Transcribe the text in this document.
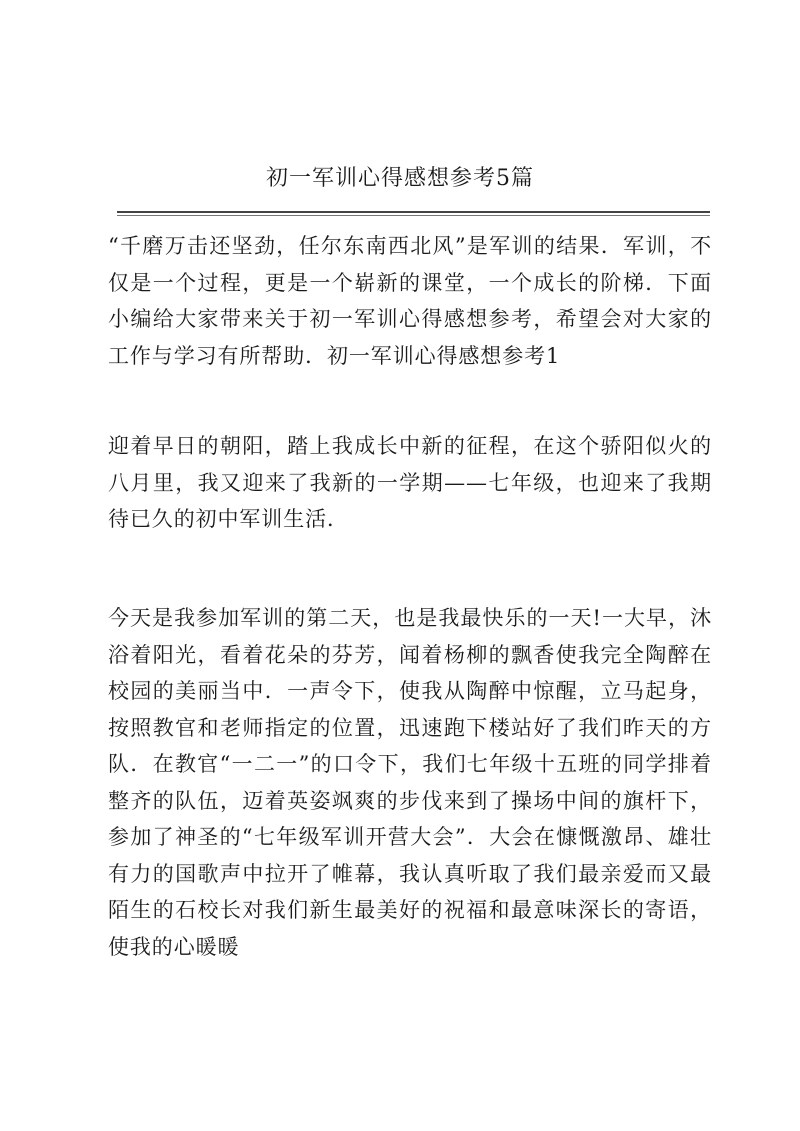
初一军训心得感想参考5篇

“千磨万击还坚劲，任尔东南西北风”是军训的结果．军训，不仅是一个过程，更是一个崭新的课堂，一个成长的阶梯．下面小编给大家带来关于初一军训心得感想参考，希望会对大家的工作与学习有所帮助．初一军训心得感想参考1

迎着早日的朝阳，踏上我成长中新的征程，在这个骄阳似火的八月里，我又迎来了我新的一学期——七年级，也迎来了我期待已久的初中军训生活．

今天是我参加军训的第二天，也是我最快乐的一天!一大早，沐浴着阳光，看着花朵的芬芳，闻着杨柳的飘香使我完全陶醉在校园的美丽当中．一声令下，使我从陶醉中惊醒，立马起身，按照教官和老师指定的位置，迅速跑下楼站好了我们昨天的方队．在教官“一二一”的口令下，我们七年级十五班的同学排着整齐的队伍，迈着英姿飒爽的步伐来到了操场中间的旗杆下，参加了神圣的“七年级军训开营大会”．大会在慷慨激昂、雄壮有力的国歌声中拉开了帷幕，我认真听取了我们最亲爱而又最陌生的石校长对我们新生最美好的祝福和最意味深长的寄语，使我的心暖暖
